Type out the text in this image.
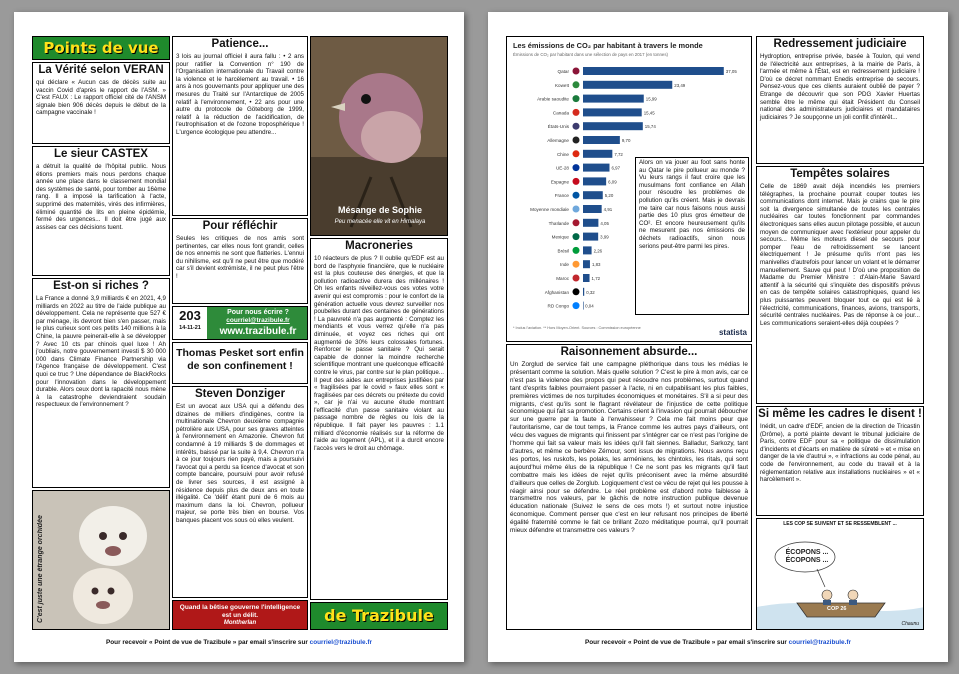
Points de vue
La Vérité selon VERAN
qui déclare « Aucun cas de décès suite au vaccin Covid d'après le rapport de l'ASM. » C'est FAUX : Le rapport officiel cité de l'ANSM signale bien 906 décès depuis le début de la campagne vaccinale !
Le sieur CASTEX
a détruit la qualité de l'hôpital public. Nous étions premiers mais nous perdons chaque année une place dans le classement mondial des systèmes de santé, pour tomber au 16ème rang. Il a imposé la tarification à l'acte, supprimé des maternités, virés des infirmières, éliminé quantité de lits en pleine épidémie, fermé des urgences... Il doit être jugé aux assises car ces décisions tuent.
Est-on si riches ?
La France a donné 3,9 milliards € en 2021, 4,9 milliards en 2022 au titre de l'aide publique au développement. Cela ne représente que 527 € par ménage, ils devront bien s'en passer, mais le plus curieux sont ces petits 140 millions à la Chine, la pauvre peinerait-elle à se développer ? Avec 10 cts par chinois quel luxe ! Ah j'oubliais, notre gouvernement investi $ 30 000 000 dans Climate Finance Partnership via l'Agence française de développement. C'est quoi ce truc ? Une dépendance de BlackRocks pour l'innovation dans le développement durable. Alors ceux dont la rapacité nous mène à la catastrophe deviendraient soudain respectueux de l'environnement ?
C'est juste une étrange orchidée
Patience...
3 lois au journal officiel il aura fallu : • 2 ans pour ratifier la Convention n° 190 de l'Organisation internationale du Travail contre la violence et le harcèlement au travail. • 16 ans à nos gouvernants pour appliquer une des mesures du Traité sur l'Antarctique de 2005 relatif à l'environnement, • 22 ans pour une autre du protocole de Göteborg de 1999, relatif à la réduction de l'acidification, de l'eutrophisation et de l'ozone troposphérique ! L'urgence écologique peu attendre...
Pour réfléchir
Seules les critiques de nos amis sont pertinentes, car elles nous font grandir, celles de nos ennemis ne sont que flatteries. L'ennui du nihilisme, est qu'il ne peut être que modéré car s'il devient extrémiste, il ne peut plus l'être !
203
14-11-21
Pour nous écrire ?
courriel@trazibule.fr
www.trazibule.fr
Thomas Pesket sort enfin de son confinement !
Steven Donziger
Est un avocat aux USA qui a défendu des dizaines de milliers d'indigènes, contre la multinationale Chevron deuxième compagnie pétrolière aux USA, pour ses graves atteintes à l'environnement en Amazonie. Chevron fut condamné à 19 milliards $ de dommages et intérêts, baissé par la suite à 9,4. Chevron n'a à ce jour toujours rien payé, mais a poursuivi l'avocat qui a perdu sa licence d'avocat et son compte bancaire, poursuivi pour avoir refusé de livrer ses sources, il est assigné à résidence depuis plus de deux ans en toute illégalité. Ce 'délit' étant puni de 6 mois au maximum dans la loi. Chevron, pollueur majeur, se porte très bien en bourse. Vos banques placent vos sous où elles veulent.
Quand la bêtise gouverne l'intelligence est un délit.
Montherlan
Mésange de Sophie
Peu menacée elle vit en Himalaya
Macroneries
10 réacteurs de plus ? Il oublie qu'EDF est au bord de l'asphyxie financière, que le nucléaire est la plus couteuse des énergies, et que la pollution radioactive durera des millénaires ! Oh les enfants réveillez-vous ces votes votre avenir qui est compromis : pour le confort de la génération actuelle vous devrez surveiller nos poubelles durant des centaines de générations ! La pauvreté n'a pas augmenté : Comptez les mendiants et vous verrez qu'elle n'a pas diminuée, et voyez ces riches qui ont augmenté de 30% leurs colossales fortunes. Renforcer le passe sanitaire ? Qui serait capable de donner la moindre recherche scientifique montrant une quelconque efficacité contre le virus, par contre sur le plan politique... Il peut des aides aux entreprises justifiées par « fragilisées par le covid » faux elles sont « fragilisées par ces décrets ou prétexte du covid », car je n'ai vu aucune étude montrant l'efficacité d'un passe sanitaire violant au passage nombre de règles ou lois de la république. Il fait payer les pauvres : 1.1 milliard d'économie réalisés sur la réforme de l'aide au logement (APL), et il a durcit encore l'accès vers le droit au chômage.
de Trazibule
Pour recevoir « Point de vue de Trazibule » par email s'inscrire sur courriel@trazibule.fr
Les émissions de CO₂ par habitant à travers le monde
Émissions de CO₂ par habitant dans une sélection de pays en 2017 (en tonnes)
Qatar	37,05
Koweït	23,49
Arabie saoudite	15,99
Canada	15,45
États-Unis	15,74
Allemagne	9,70
Chine	7,72
UE-28	6,97
Espagne	6,09
France	5,20
Moyenne mondiale	4,91
Thaïlande	4,05
Mexique	3,99
Brésil	2,26
Inde	1,83
Maroc	1,72
Afghanistan	0,32
RD Congo	0,04
* Inclus l'aviation. ** Hors Moyen-Orient. Sources : Commission européenne	statista
Alors on va jouer au foot sans honte au Qatar le pire pollueur au monde ? Vu leurs rangs il faut croire que les musulmans font confiance en Allah pour résoudre les problèmes de pollution qu'ils créent. Mais je devrais me taire car nous faisons nous aussi partie des 10 plus gros émetteur de CO². Et encore heureusement qu'ils ne mesurent pas nos émissions de déchets radioactifs, sinon nous serions peut-être parmi les pires.
Raisonnement absurde...
Un Zorglud de service fait une campagne pléthorique dans tous les médias le présentant comme la solution. Mais quelle solution ? C'est le pire à mon avis, car ce n'est pas la violence des propos qui peut résoudre nos problèmes, surtout quand tant d'esprits faibles pourraient passer à l'acte, ni en culpabilisant les plus faibles, premières victimes de nos turpitudes économiques et monétaires. S'il a si peur des migrants, c'est qu'ils sont le flagrant révélateur de l'injustice de cette politique économique qui fait sa promotion. Certains crient à l'invasion qui pourrait déboucher sur une guerre par la faute à l'envahisseur ? Cela me fait moins peur que l'autoritarisme, car de tout temps, la France comme les autres pays d'ailleurs, ont vécu des vagues de migrants qui finissent par s'intégrer car ce n'est pas l'origine de l'homme qui fait sa valeur mais les idées qu'il fait siennes. Balladur, Sarkozy, tant d'autres, et même ce berbère Zémour, sont issus de migrations. Nous avons reçu les portos, les ruskofs, les polaks, les arméniens, les chintoks, les ritals, qui sont aujourd'hui même élus de la république ! Ce ne sont pas les migrants qu'il faut combattre mais les idées de rejet qu'ils préconisent avec la même absurdité d'ailleurs que celles de Zorglub. Logiquement c'est ce vécu de rejet qui les pousse à réagir ainsi pour se défendre. Le réel problème est d'abord notre faiblesse à transmettre nos valeurs, par le gâchis de notre instruction publique devenue éducation nationale (Suivez le sens de ces mots !) et surtout notre injustice économique. Comment penser que c'est en leur refusant nos principes de liberté égalité fraternité comme le fait ce brillant Zozo méditatique pourrai, qu'il pourrait mieux défendre et transmettre ces valeurs ?
Redressement judiciaire
Hydroption, entreprise privée, basée à Toulon, qui vend de l'électricité aux entreprises, à la mairie de Paris, à l'armée et même à l'État, est en redressement judiciaire ! D'où ce décret nommant Enedis entreprise de secours. Pensez-vous que ces clients auraient oublié de payer ? Etrange de découvrir que son PDG Xavier Huertas semble être le même qui était Président du Conseil national des administrateurs judiciaires et mandataires judiciaires ? Je soupçonne un joli conflit d'intérêt...
Tempêtes solaires
Celle de 1869 avait déjà incendiés les premiers télégraphes, la prochaine pourrait couper toutes les communications dont internet. Mais je crains que le pire soit la divergence simultanée de toutes les centrales nucléaires car toutes fonctionnent par commandes électroniques sans elles aucun pilotage possible, et aucun moyen de communiquer avec l'extérieur pour appeler du secours... Même les moteurs diesel de secours pour pomper l'eau de refroidissement se lancent électriquement ! Je présume qu'ils n'ont pas les manivelles d'autrefois pour lancer un volant et le démarrer manuellement. Sauve qui peut ! D'où une proposition de Madame du Premier Ministre : d'Alain-Marie Savard attentif à la sécurité qui s'inquiète des dispositifs prévus en cas de tempête solaires catastrophiques, quand les plus puissantes peuvent bloquer tout ce qui est lié à l'électricité, communications, finances, avions, transports, sécurité centrales nucléaires. Pas de réponse à ce jour... Les communications seraient-elles déjà coupées ?
Si même les cadres le disent !
Inédit, un cadre d'EDF, ancien de la direction de Tricastin (Drôme), a porté plainte devant le tribunal judiciaire de Paris, contre EDF pour sa « politique de dissimulation d'incidents et d'écarts en matière de sûreté » et « mise en danger de la vie d'autrui », « infractions au code pénal, au code de l'environnement, au code du travail et à la réglementation relative aux installations nucléaires » et « harcèlement ».
LES COP SE SUIVENT ET SE RESSEMBLENT ...
ÉCOPONS ... ÉCOPONS ...
COP 26
Chaunu
Pour recevoir « Point de vue de Trazibule » par email s'inscrire sur courriel@trazibule.fr
